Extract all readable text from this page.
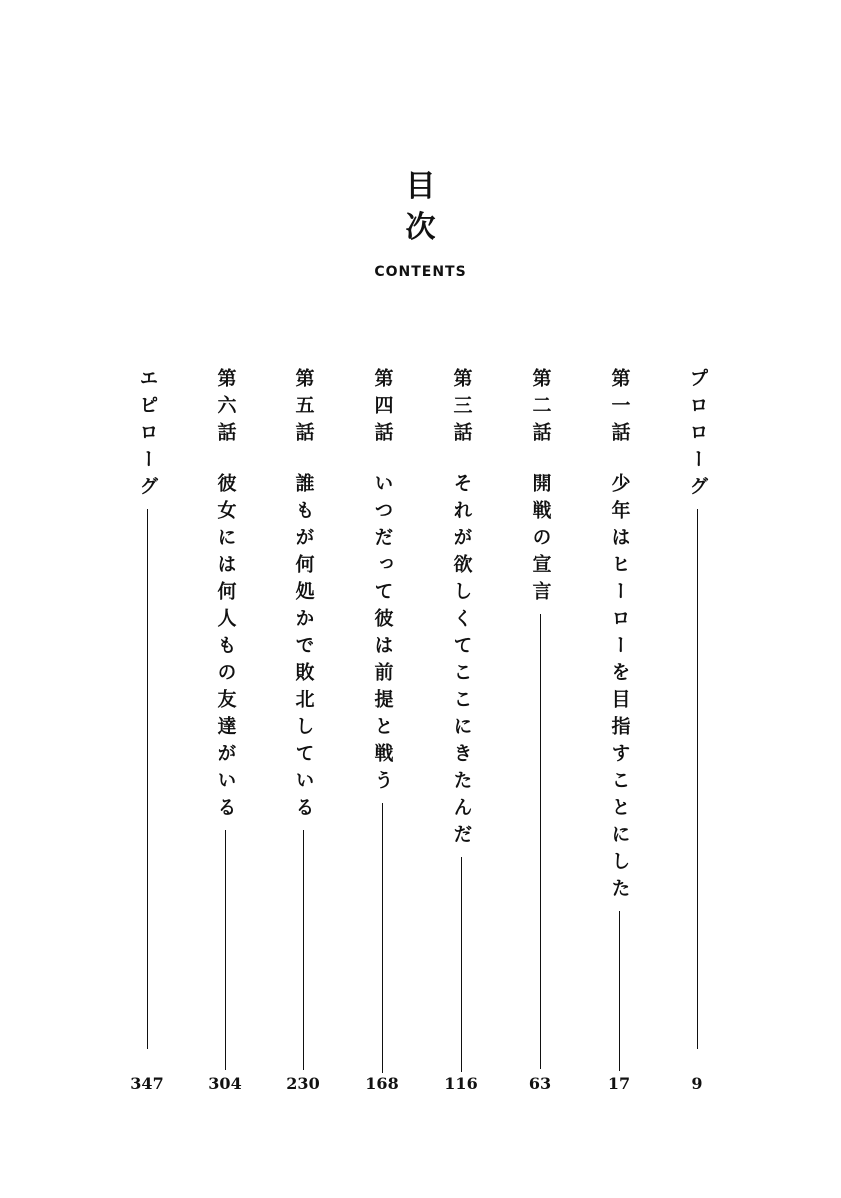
目
次
CONTENTS
プロローグ
9
第一話
少年はヒーローを目指すことにした
17
第二話
開戦の宣言
63
第三話
それが欲しくてここにきたんだ
116
第四話
いつだって彼は前提と戦う
168
第五話
誰もが何処かで敗北している
230
第六話
彼女には何人もの友達がいる
304
エピローグ
347
